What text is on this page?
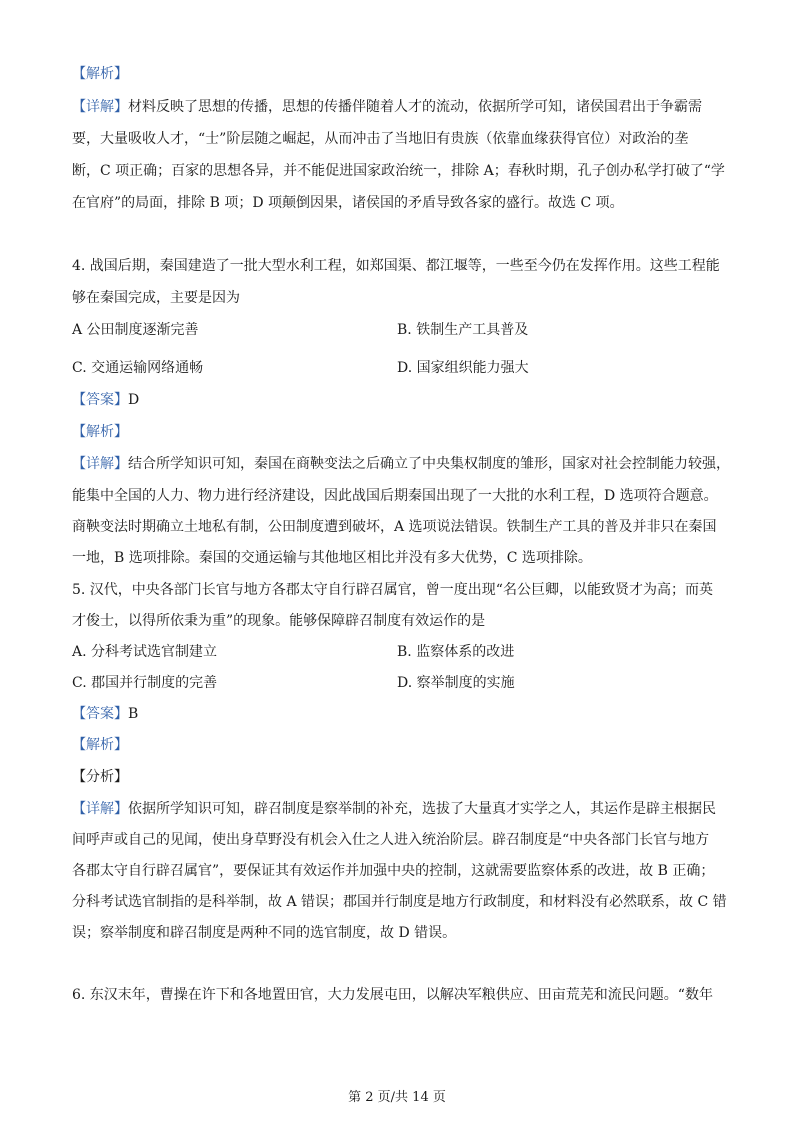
【解析】
【详解】材料反映了思想的传播，思想的传播伴随着人才的流动，依据所学可知，诸侯国君出于争霸需
要，大量吸收人才，“士”阶层随之崛起，从而冲击了当地旧有贵族（依靠血缘获得官位）对政治的垄
断，C 项正确；百家的思想各异，并不能促进国家政治统一，排除 A；春秋时期，孔子创办私学打破了“学
在官府”的局面，排除 B 项；D 项颠倒因果，诸侯国的矛盾导致各家的盛行。故选 C 项。
4. 战国后期，秦国建造了一批大型水利工程，如郑国渠、都江堰等，一些至今仍在发挥作用。这些工程能
够在秦国完成，主要是因为
A 公田制度逐渐完善	B. 铁制生产工具普及
C. 交通运输网络通畅	D. 国家组织能力强大
【答案】D
【解析】
【详解】结合所学知识可知，秦国在商鞅变法之后确立了中央集权制度的雏形，国家对社会控制能力较强，
能集中全国的人力、物力进行经济建设，因此战国后期秦国出现了一大批的水利工程，D 选项符合题意。
商鞅变法时期确立土地私有制，公田制度遭到破坏，A 选项说法错误。铁制生产工具的普及并非只在秦国
一地，B 选项排除。秦国的交通运输与其他地区相比并没有多大优势，C 选项排除。
5. 汉代，中央各部门长官与地方各郡太守自行辟召属官，曾一度出现“名公巨卿，以能致贤才为高；而英
才俊士，以得所依秉为重”的现象。能够保障辟召制度有效运作的是
A. 分科考试选官制建立	B. 监察体系的改进
C. 郡国并行制度的完善	D. 察举制度的实施
【答案】B
【解析】
【分析】
【详解】依据所学知识可知，辟召制度是察举制的补充，选拔了大量真才实学之人，其运作是辟主根据民
间呼声或自己的见闻，使出身草野没有机会入仕之人进入统治阶层。辟召制度是“中央各部门长官与地方
各郡太守自行辟召属官”，要保证其有效运作并加强中央的控制，这就需要监察体系的改进，故 B 正确；
分科考试选官制指的是科举制，故 A 错误；郡国并行制度是地方行政制度，和材料没有必然联系，故 C 错
误；察举制度和辟召制度是两种不同的选官制度，故 D 错误。
6. 东汉末年，曹操在许下和各地置田官，大力发展屯田，以解决军粮供应、田亩荒芜和流民问题。“数年
第 2 页/共 14 页
